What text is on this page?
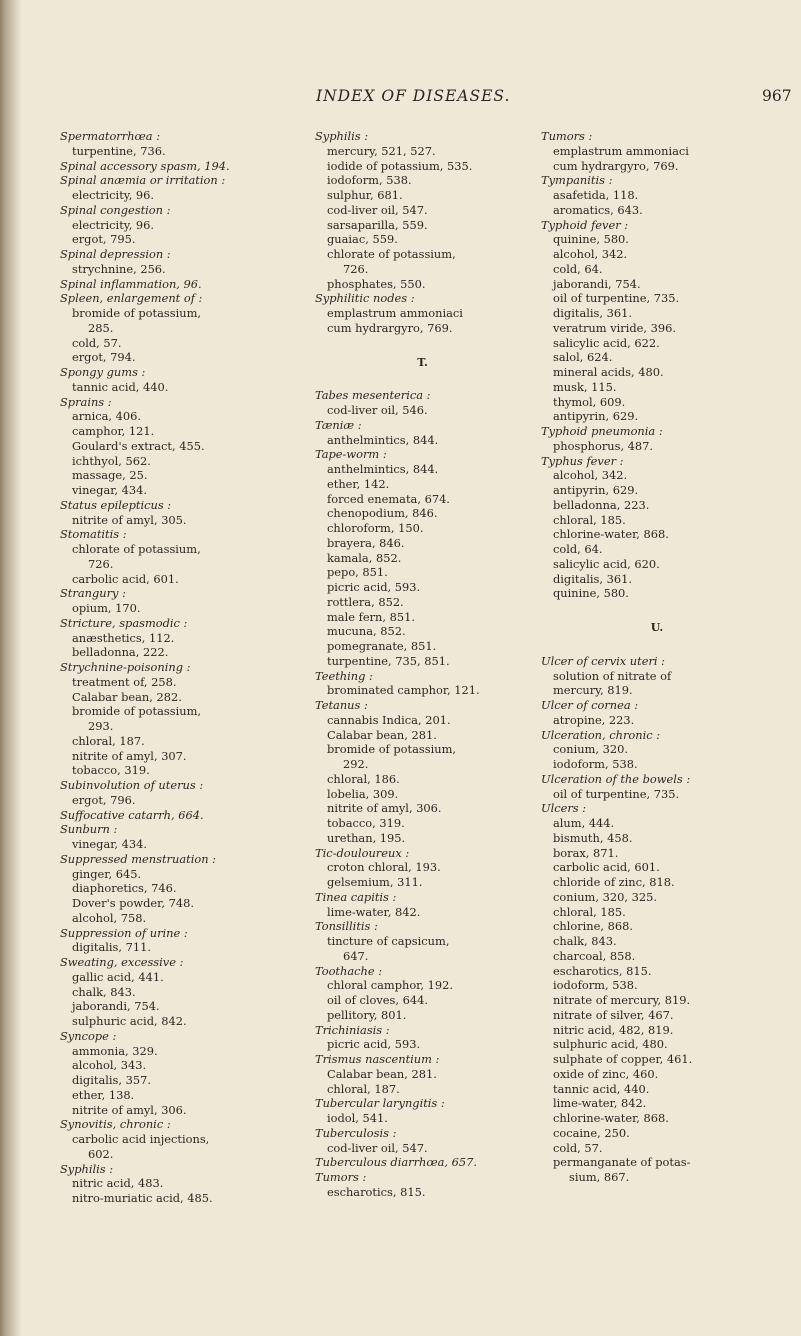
INDEX OF DISEASES.	967
Spermatorrhœa :
turpentine, 736.
Spinal accessory spasm, 194.
Spinal anæmia or irritation :
electricity, 96.
Spinal congestion :
electricity, 96.
ergot, 795.
Spinal depression :
strychnine, 256.
Spinal inflammation, 96.
Spleen, enlargement of :
bromide of potassium,
285.
cold, 57.
ergot, 794.
Spongy gums :
tannic acid, 440.
Sprains :
arnica, 406.
camphor, 121.
Goulard's extract, 455.
ichthyol, 562.
massage, 25.
vinegar, 434.
Status epilepticus :
nitrite of amyl, 305.
Stomatitis :
chlorate of potassium,
726.
carbolic acid, 601.
Strangury :
opium, 170.
Stricture, spasmodic :
anæsthetics, 112.
belladonna, 222.
Strychnine-poisoning :
treatment of, 258.
Calabar bean, 282.
bromide of potassium,
293.
chloral, 187.
nitrite of amyl, 307.
tobacco, 319.
Subinvolution of uterus :
ergot, 796.
Suffocative catarrh, 664.
Sunburn :
vinegar, 434.
Suppressed menstruation :
ginger, 645.
diaphoretics, 746.
Dover's powder, 748.
alcohol, 758.
Suppression of urine :
digitalis, 711.
Sweating, excessive :
gallic acid, 441.
chalk, 843.
jaborandi, 754.
sulphuric acid, 842.
Syncope :
ammonia, 329.
alcohol, 343.
digitalis, 357.
ether, 138.
nitrite of amyl, 306.
Synovitis, chronic :
carbolic acid injections,
602.
Syphilis :
nitric acid, 483.
nitro-muriatic acid, 485.
Syphilis :
mercury, 521, 527.
iodide of potassium, 535.
iodoform, 538.
sulphur, 681.
cod-liver oil, 547.
sarsaparilla, 559.
guaiac, 559.
chlorate of potassium,
726.
phosphates, 550.
Syphilitic nodes :
emplastrum ammoniaci
cum hydrargyro, 769.
T.
Tabes mesenterica :
cod-liver oil, 546.
Tæniæ :
anthelmintics, 844.
Tape-worm :
anthelmintics, 844.
ether, 142.
forced enemata, 674.
chenopodium, 846.
chloroform, 150.
brayera, 846.
kamala, 852.
pepo, 851.
picric acid, 593.
rottlera, 852.
male fern, 851.
mucuna, 852.
pomegranate, 851.
turpentine, 735, 851.
Teething :
brominated camphor, 121.
Tetanus :
cannabis Indica, 201.
Calabar bean, 281.
bromide of potassium,
292.
chloral, 186.
lobelia, 309.
nitrite of amyl, 306.
tobacco, 319.
urethan, 195.
Tic-douloureux :
croton chloral, 193.
gelsemium, 311.
Tinea capitis :
lime-water, 842.
Tonsillitis :
tincture of capsicum,
647.
Toothache :
chloral camphor, 192.
oil of cloves, 644.
pellitory, 801.
Trichiniasis :
picric acid, 593.
Trismus nascentium :
Calabar bean, 281.
chloral, 187.
Tubercular laryngitis :
iodol, 541.
Tuberculosis :
cod-liver oil, 547.
Tuberculous diarrhœa, 657.
Tumors :
escharotics, 815.
Tumors :
emplastrum ammoniaci
cum hydrargyro, 769.
Tympanitis :
asafetida, 118.
aromatics, 643.
Typhoid fever :
quinine, 580.
alcohol, 342.
cold, 64.
jaborandi, 754.
oil of turpentine, 735.
digitalis, 361.
veratrum viride, 396.
salicylic acid, 622.
salol, 624.
mineral acids, 480.
musk, 115.
thymol, 609.
antipyrin, 629.
Typhoid pneumonia :
phosphorus, 487.
Typhus fever :
alcohol, 342.
antipyrin, 629.
belladonna, 223.
chloral, 185.
chlorine-water, 868.
cold, 64.
salicylic acid, 620.
digitalis, 361.
quinine, 580.
U.
Ulcer of cervix uteri :
solution of nitrate of
mercury, 819.
Ulcer of cornea :
atropine, 223.
Ulceration, chronic :
conium, 320.
iodoform, 538.
Ulceration of the bowels :
oil of turpentine, 735.
Ulcers :
alum, 444.
bismuth, 458.
borax, 871.
carbolic acid, 601.
chloride of zinc, 818.
conium, 320, 325.
chloral, 185.
chlorine, 868.
chalk, 843.
charcoal, 858.
escharotics, 815.
iodoform, 538.
nitrate of mercury, 819.
nitrate of silver, 467.
nitric acid, 482, 819.
sulphuric acid, 480.
sulphate of copper, 461.
oxide of zinc, 460.
tannic acid, 440.
lime-water, 842.
chlorine-water, 868.
cocaine, 250.
cold, 57.
permanganate of potas-
sium, 867.
